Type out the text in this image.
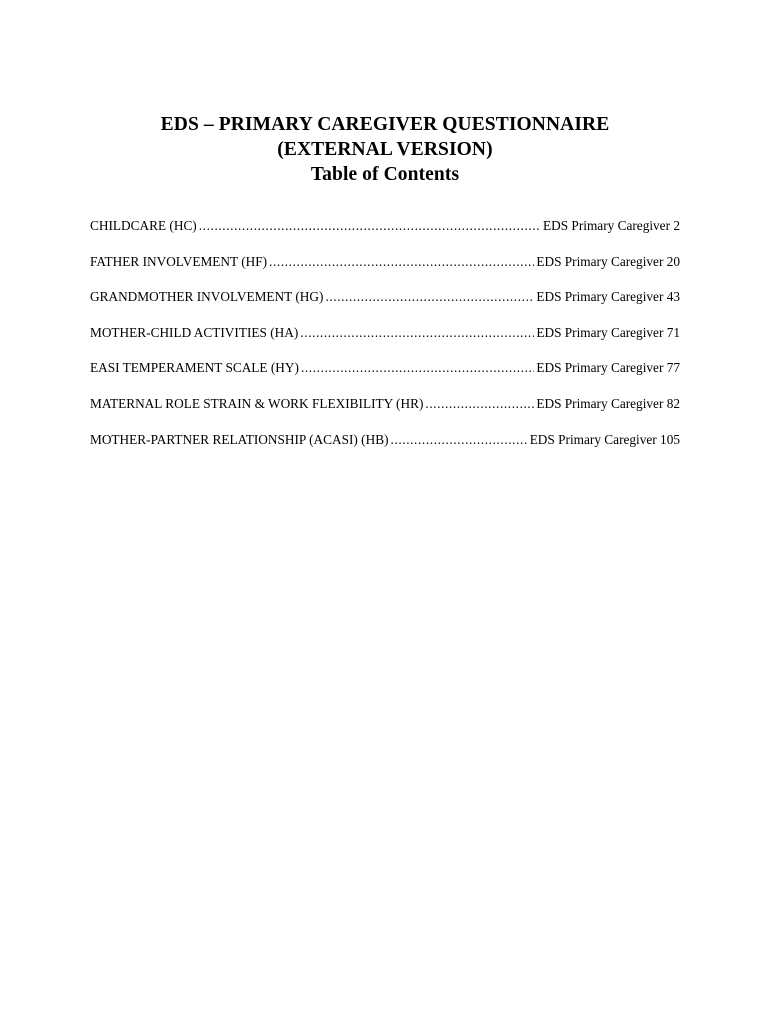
EDS – PRIMARY CAREGIVER QUESTIONNAIRE
(EXTERNAL VERSION)
Table of Contents
CHILDCARE (HC) .....	EDS Primary Caregiver 2
FATHER INVOLVEMENT (HF) .....	EDS Primary Caregiver 20
GRANDMOTHER INVOLVEMENT (HG) .....	EDS Primary Caregiver 43
MOTHER-CHILD ACTIVITIES (HA) .....	EDS Primary Caregiver 71
EASI TEMPERAMENT SCALE (HY) .....	EDS Primary Caregiver 77
MATERNAL ROLE STRAIN & WORK FLEXIBILITY (HR) .....	EDS Primary Caregiver 82
MOTHER-PARTNER RELATIONSHIP (ACASI) (HB) .....	EDS Primary Caregiver 105
